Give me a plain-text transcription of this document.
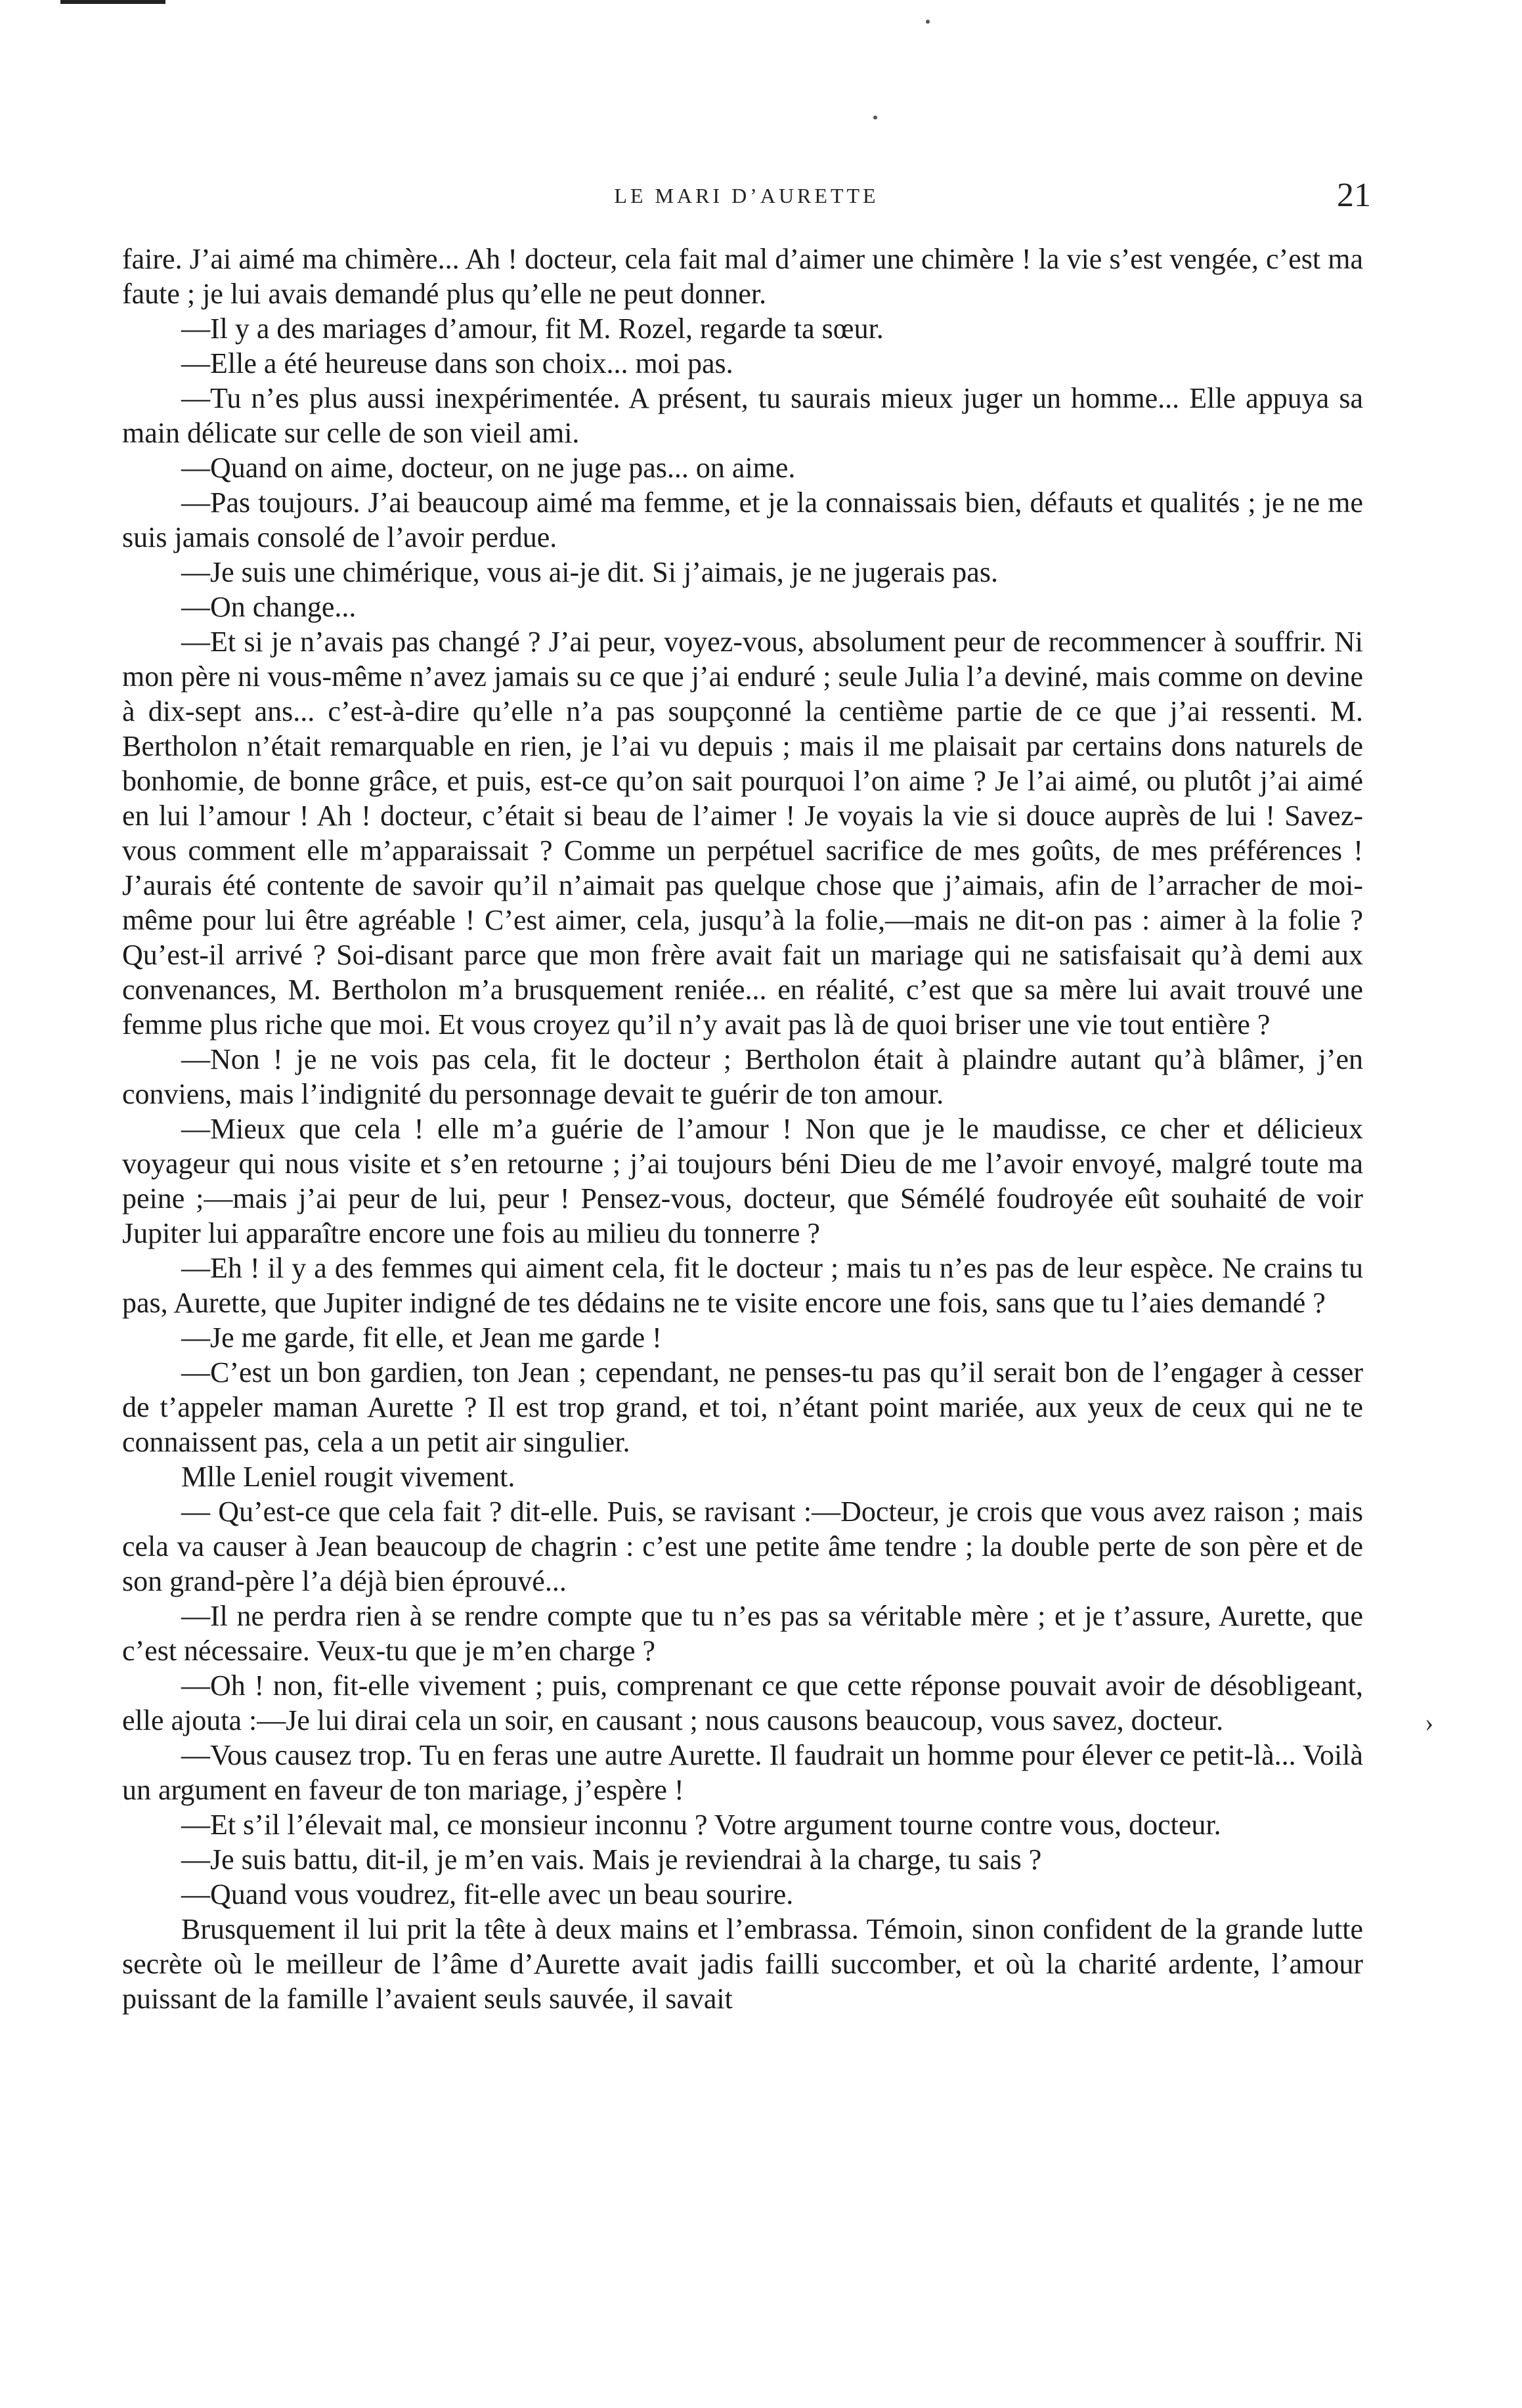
LE MARI D’AURETTE	21

faire. J’ai aimé ma chimère... Ah ! docteur, cela fait mal d’aimer une chimère ! la vie s’est vengée, c’est ma faute ; je lui avais demandé plus qu’elle ne peut donner.

—Il y a des mariages d’amour, fit M. Rozel, regarde ta sœur.

—Elle a été heureuse dans son choix... moi pas.

—Tu n’es plus aussi inexpérimentée. A présent, tu saurais mieux juger un homme... Elle appuya sa main délicate sur celle de son vieil ami.

—Quand on aime, docteur, on ne juge pas... on aime.

—Pas toujours. J’ai beaucoup aimé ma femme, et je la connaissais bien, défauts et qualités ; je ne me suis jamais consolé de l’avoir perdue.

—Je suis une chimérique, vous ai-je dit. Si j’aimais, je ne jugerais pas.

—On change...

—Et si je n’avais pas changé ? J’ai peur, voyez-vous, absolument peur de recommencer à souffrir. Ni mon père ni vous-même n’avez jamais su ce que j’ai enduré ; seule Julia l’a deviné, mais comme on devine à dix-sept ans... c’est-à-dire qu’elle n’a pas soupçonné la centième partie de ce que j’ai ressenti. M. Bertholon n’était remarquable en rien, je l’ai vu depuis ; mais il me plaisait par certains dons naturels de bonhomie, de bonne grâce, et puis, est-ce qu’on sait pourquoi l’on aime ? Je l’ai aimé, ou plutôt j’ai aimé en lui l’amour ! Ah ! docteur, c’était si beau de l’aimer ! Je voyais la vie si douce auprès de lui ! Savez-vous comment elle m’apparaissait ? Comme un perpétuel sacrifice de mes goûts, de mes préférences ! J’aurais été contente de savoir qu’il n’aimait pas quelque chose que j’aimais, afin de l’arracher de moi-même pour lui être agréable ! C’est aimer, cela, jusqu’à la folie,—mais ne dit-on pas : aimer à la folie ? Qu’est-il arrivé ? Soi-disant parce que mon frère avait fait un mariage qui ne satisfaisait qu’à demi aux convenances, M. Bertholon m’a brusquement reniée... en réalité, c’est que sa mère lui avait trouvé une femme plus riche que moi. Et vous croyez qu’il n’y avait pas là de quoi briser une vie tout entière ?

—Non ! je ne vois pas cela, fit le docteur ; Bertholon était à plaindre autant qu’à blâmer, j’en conviens, mais l’indignité du personnage devait te guérir de ton amour.

—Mieux que cela ! elle m’a guérie de l’amour ! Non que je le maudisse, ce cher et délicieux voyageur qui nous visite et s’en retourne ; j’ai toujours béni Dieu de me l’avoir envoyé, malgré toute ma peine ;—mais j’ai peur de lui, peur ! Pensez-vous, docteur, que Sémélé foudroyée eût souhaité de voir Jupiter lui apparaître encore une fois au milieu du tonnerre ?

—Eh ! il y a des femmes qui aiment cela, fit le docteur ; mais tu n’es pas de leur espèce. Ne crains tu pas, Aurette, que Jupiter indigné de tes dédains ne te visite encore une fois, sans que tu l’aies demandé ?

—Je me garde, fit elle, et Jean me garde !

—C’est un bon gardien, ton Jean ; cependant, ne penses-tu pas qu’il serait bon de l’engager à cesser de t’appeler maman Aurette ? Il est trop grand, et toi, n’étant point mariée, aux yeux de ceux qui ne te connaissent pas, cela a un petit air singulier.

Mlle Leniel rougit vivement.

— Qu’est-ce que cela fait ? dit-elle. Puis, se ravisant :—Docteur, je crois que vous avez raison ; mais cela va causer à Jean beaucoup de chagrin : c’est une petite âme tendre ; la double perte de son père et de son grand-père l’a déjà bien éprouvé...

—Il ne perdra rien à se rendre compte que tu n’es pas sa véritable mère ; et je t’assure, Aurette, que c’est nécessaire. Veux-tu que je m’en charge ?

—Oh ! non, fit-elle vivement ; puis, comprenant ce que cette réponse pouvait avoir de désobligeant, elle ajouta :—Je lui dirai cela un soir, en causant ; nous causons beaucoup, vous savez, docteur.

—Vous causez trop. Tu en feras une autre Aurette. Il faudrait un homme pour élever ce petit-là... Voilà un argument en faveur de ton mariage, j’espère !

—Et s’il l’élevait mal, ce monsieur inconnu ? Votre argument tourne contre vous, docteur.

—Je suis battu, dit-il, je m’en vais. Mais je reviendrai à la charge, tu sais ?

—Quand vous voudrez, fit-elle avec un beau sourire.

Brusquement il lui prit la tête à deux mains et l’embrassa. Témoin, sinon confident de la grande lutte secrète où le meilleur de l’âme d’Aurette avait jadis failli succomber, et où la charité ardente, l’amour puissant de la famille l’avaient seuls sauvée, il savait

›
